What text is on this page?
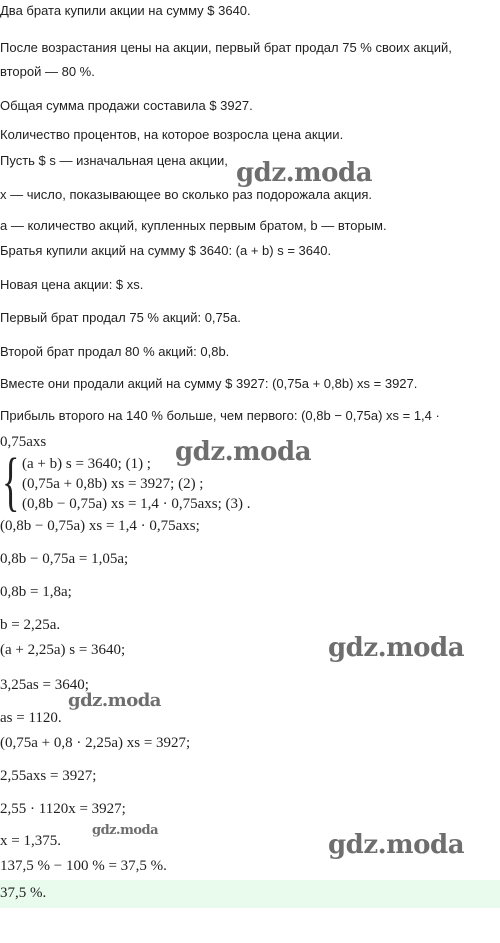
Два брата купили акции на сумму $ 3640.
После возрастания цены на акции, первый брат продал 75 % своих акций,
второй — 80 %.
Общая сумма продажи составила $ 3927.
Количество процентов, на которое возросла цена акции.
Пусть $ s — изначальная цена акции,
x — число, показывающее во сколько раз подорожала акция.
a — количество акций, купленных первым братом, b — вторым.
Братья купили акций на сумму $ 3640: (a + b) s = 3640.
Новая цена акции: $ xs.
Первый брат продал 75 % акций: 0,75a.
Второй брат продал 80 % акций: 0,8b.
Вместе они продали акций на сумму $ 3927: (0,75a + 0,8b) xs = 3927.
Прибыль второго на 140 % больше, чем первого: (0,8b − 0,75a) xs = 1,4 ·
0,75axs
{ (a + b) s = 3640; (1) ;
(0,75a + 0,8b) xs = 3927; (2) ;
(0,8b − 0,75a) xs = 1,4 · 0,75axs; (3) .
(0,8b − 0,75a) xs = 1,4 · 0,75axs;
0,8b − 0,75a = 1,05a;
0,8b = 1,8a;
b = 2,25a.
(a + 2,25a) s = 3640;
3,25as = 3640;
as = 1120.
(0,75a + 0,8 · 2,25a) xs = 3927;
2,55axs = 3927;
2,55 · 1120x = 3927;
x = 1,375.
137,5 % − 100 % = 37,5 %.
37,5 %.
gdz.moda
gdz.moda
gdz.moda
gdz.moda
gdz.moda	gdz.moda
